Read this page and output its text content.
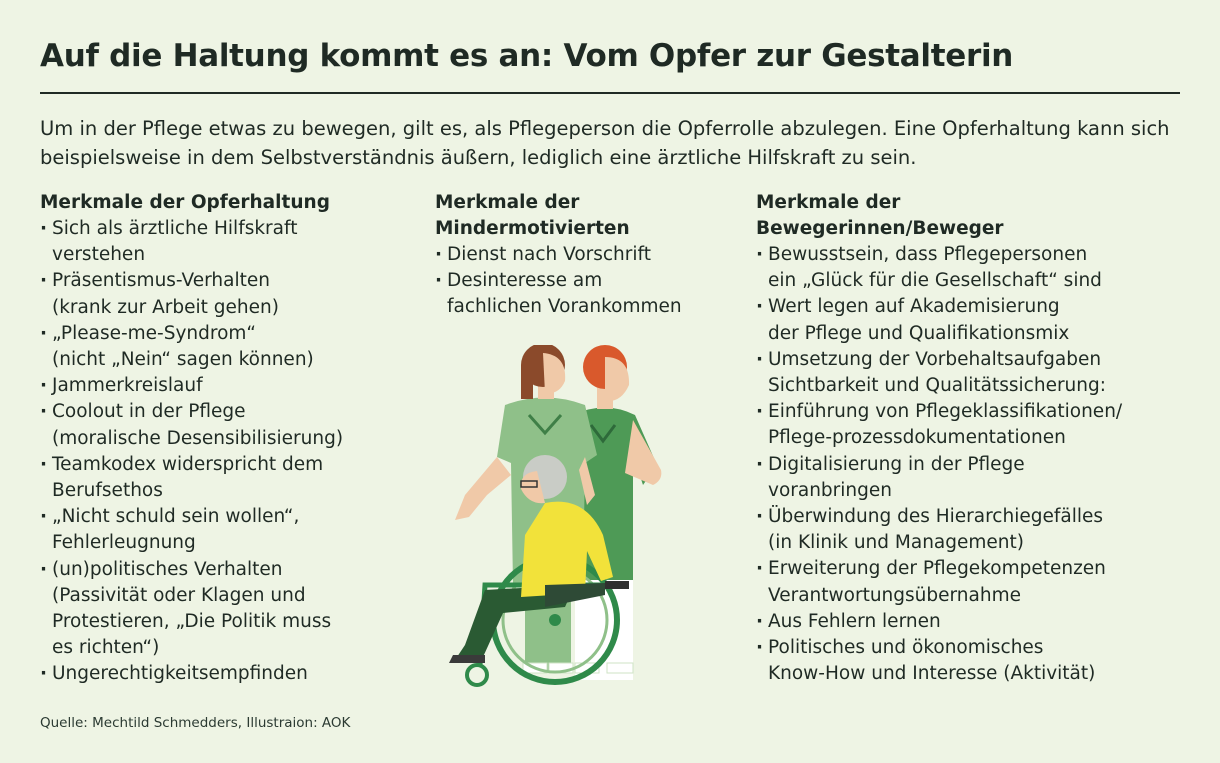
Auf die Haltung kommt es an: Vom Opfer zur Gestalterin

Um in der Pflege etwas zu bewegen, gilt es, als Pflegeperson die Opferrolle abzulegen. Eine Opferhaltung kann sich beispielsweise in dem Selbstverständnis äußern, lediglich eine ärztliche Hilfskraft zu sein.

Merkmale der Opferhaltung
· Sich als ärztliche Hilfskraft
verstehen
· Präsentismus-Verhalten
(krank zur Arbeit gehen)
· „Please-me-Syndrom“
(nicht „Nein“ sagen können)
· Jammerkreislauf
· Coolout in der Pflege
(moralische Desensibilisierung)
· Teamkodex widerspricht dem
Berufsethos
· „Nicht schuld sein wollen“,
Fehlerleugnung
· (un)politisches Verhalten
(Passivität oder Klagen und
Protestieren, „Die Politik muss
es richten“)
· Ungerechtigkeitsempfinden
Merkmale der
Mindermotivierten
· Dienst nach Vorschrift
· Desinteresse am
fachlichen Vorankommen
Merkmale der
Bewegerinnen/Beweger
· Bewusstsein, dass Pflegepersonen
ein „Glück für die Gesellschaft“ sind
· Wert legen auf Akademisierung
der Pflege und Qualifikationsmix
· Umsetzung der Vorbehaltsaufgaben
Sichtbarkeit und Qualitätssicherung:
· Einführung von Pflegeklassifikationen/
Pflege-prozessdokumentationen
· Digitalisierung in der Pflege
voranbringen
· Überwindung des Hierarchiegefälles
(in Klinik und Management)
· Erweiterung der Pflegekompetenzen
Verantwortungsübernahme
· Aus Fehlern lernen
· Politisches und ökonomisches
Know-How und Interesse (Aktivität)

Quelle: Mechtild Schmedders, Illustraion: AOK
